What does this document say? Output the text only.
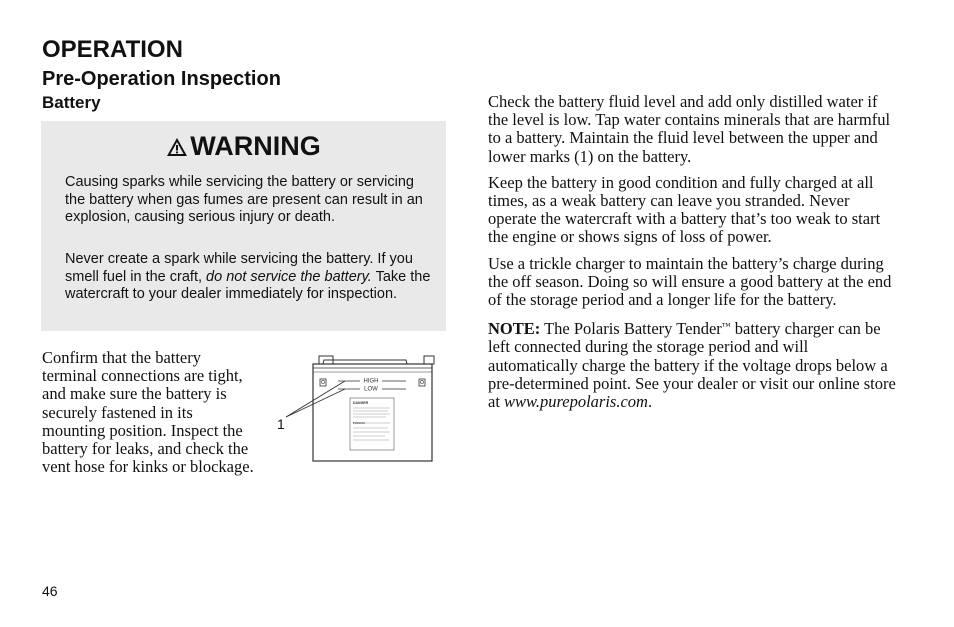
OPERATION
Pre-Operation Inspection
Battery
WARNING

Causing sparks while servicing the battery or servicing the battery when gas fumes are present can result in an explosion, causing serious injury or death.

Never create a spark while servicing the battery. If you smell fuel in the craft, do not service the battery. Take the watercraft to your dealer immediately for inspection.

Confirm that the battery terminal connections are tight, and make sure the battery is securely fastened in its mounting position. Inspect the battery for leaks, and check the vent hose for kinks or blockage.

HIGH
LOW
DANGER
POISON
1

Check the battery fluid level and add only distilled water if the level is low. Tap water contains minerals that are harmful to a battery. Maintain the fluid level between the upper and lower marks (1) on the battery.

Keep the battery in good condition and fully charged at all times, as a weak battery can leave you stranded. Never operate the watercraft with a battery that’s too weak to start the engine or shows signs of loss of power.

Use a trickle charger to maintain the battery’s charge during the off season. Doing so will ensure a good battery at the end of the storage period and a longer life for the battery.

NOTE: The Polaris Battery Tender™ battery charger can be left connected during the storage period and will automatically charge the battery if the voltage drops below a pre-determined point. See your dealer or visit our online store at www.purepolaris.com.

46
